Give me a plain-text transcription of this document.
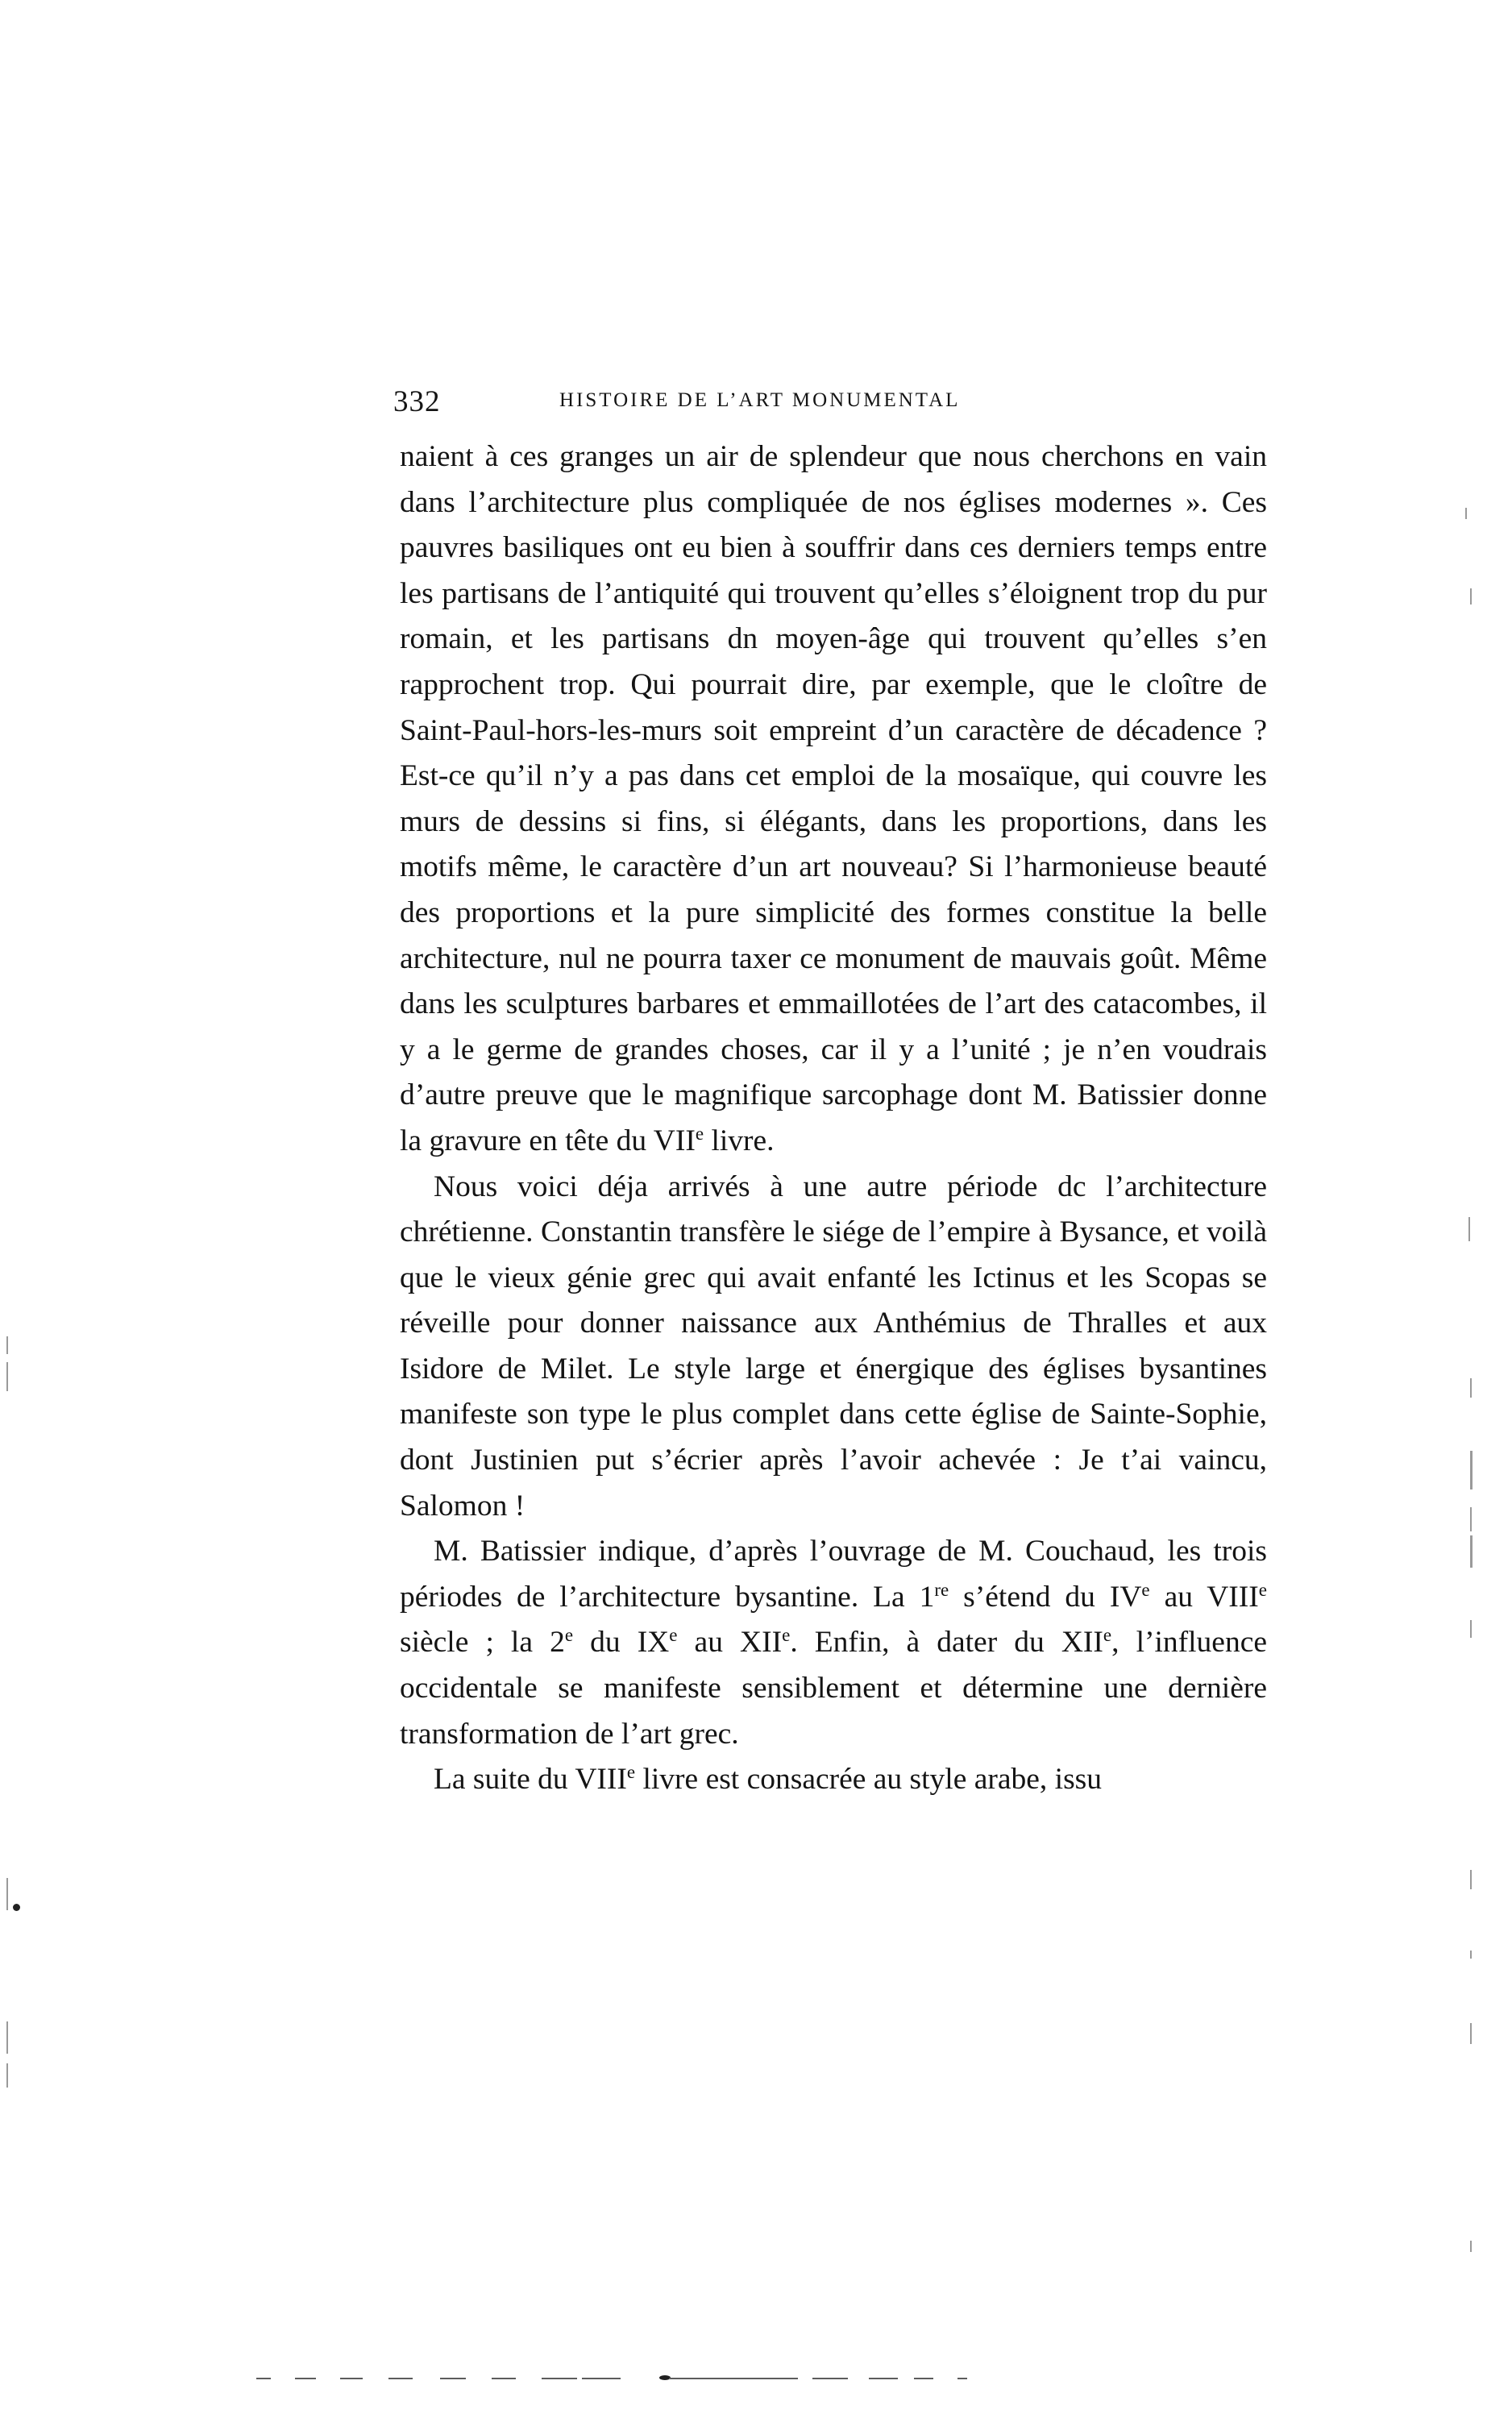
332	HISTOIRE DE L’ART MONUMENTAL

naient à ces granges un air de splendeur que nous cherchons en vain dans l’architecture plus compliquée de nos églises modernes ». Ces pauvres basiliques ont eu bien à souffrir dans ces derniers temps entre les partisans de l’antiquité qui trouvent qu’elles s’éloignent trop du pur romain, et les partisans dn moyen-âge qui trouvent qu’elles s’en rapprochent trop. Qui pourrait dire, par exemple, que le cloître de Saint-Paul-hors-les-murs soit empreint d’un caractère de décadence ? Est-ce qu’il n’y a pas dans cet emploi de la mosaïque, qui couvre les murs de dessins si fins, si élégants, dans les proportions, dans les motifs même, le caractère d’un art nouveau? Si l’harmonieuse beauté des proportions et la pure simplicité des formes constitue la belle architecture, nul ne pourra taxer ce monument de mauvais goût. Même dans les sculptures barbares et emmaillotées de l’art des catacombes, il y a le germe de grandes choses, car il y a l’unité ; je n’en voudrais d’autre preuve que le magnifique sarcophage dont M. Batissier donne la gravure en tête du VIIe livre.

Nous voici déja arrivés à une autre période dc l’architecture chrétienne. Constantin transfère le siége de l’empire à Bysance, et voilà que le vieux génie grec qui avait enfanté les Ictinus et les Scopas se réveille pour donner naissance aux Anthémius de Thralles et aux Isidore de Milet. Le style large et énergique des églises bysantines manifeste son type le plus complet dans cette église de Sainte-Sophie, dont Justinien put s’écrier après l’avoir achevée : Je t’ai vaincu, Salomon !

M. Batissier indique, d’après l’ouvrage de M. Couchaud, les trois périodes de l’architecture bysantine. La 1re s’étend du IVe au VIIIe siècle ; la 2e du IXe au XIIe. Enfin, à dater du XIIe, l’influence occidentale se manifeste sensiblement et détermine une dernière transformation de l’art grec.

La suite du VIIIe livre est consacrée au style arabe, issu
